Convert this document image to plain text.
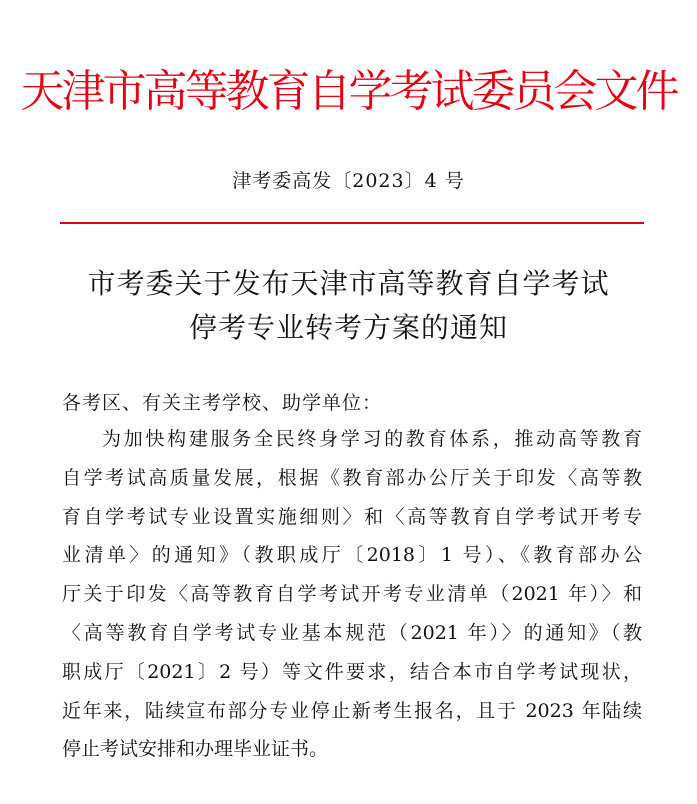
天津市高等教育自学考试委员会文件
津考委高发〔2023〕4 号
市考委关于发布天津市高等教育自学考试
停考专业转考方案的通知
各考区、有关主考学校、助学单位：
为加快构建服务全民终身学习的教育体系，推动高等教育
自学考试高质量发展，根据《教育部办公厅关于印发〈高等教
育自学考试专业设置实施细则〉和〈高等教育自学考试开考专
业清单〉的通知》（教职成厅〔2018〕1 号）、《教育部办公
厅关于印发〈高等教育自学考试开考专业清单（2021 年）〉和
〈高等教育自学考试专业基本规范（2021 年）〉的通知》（教
职成厅〔2021〕2 号）等文件要求，结合本市自学考试现状，
近年来，陆续宣布部分专业停止新考生报名，且于 2023 年陆续
停止考试安排和办理毕业证书。
